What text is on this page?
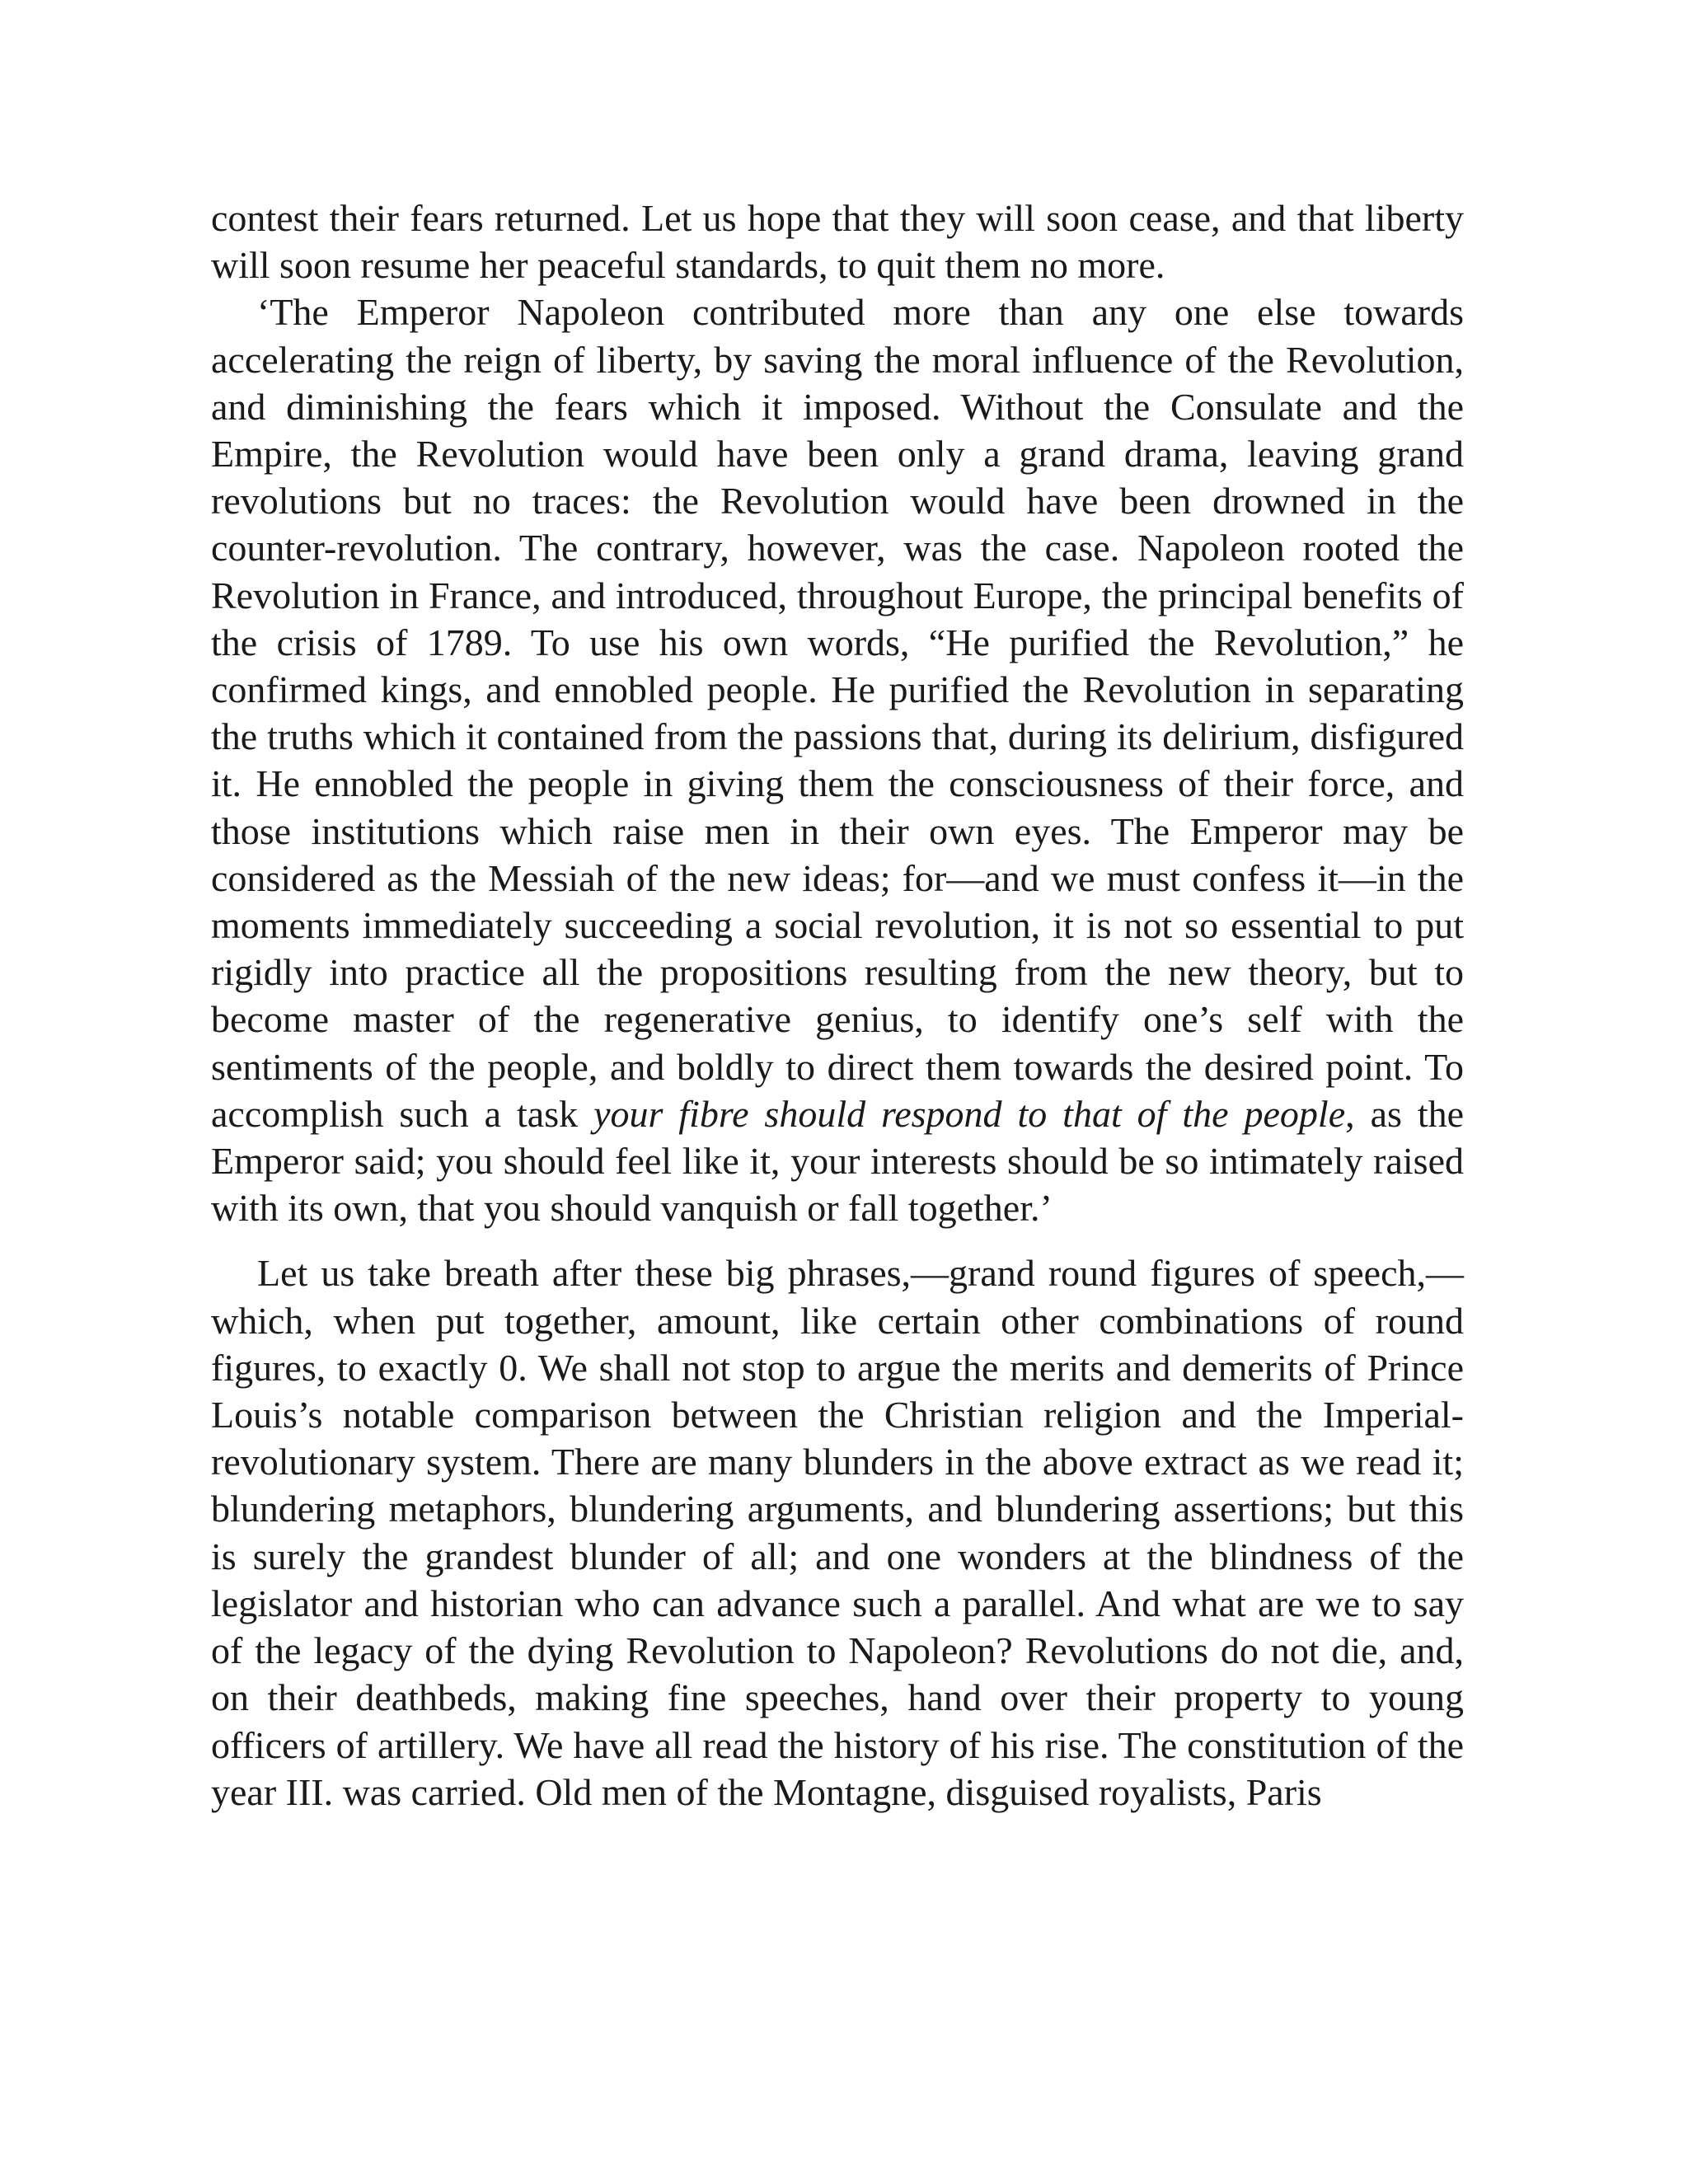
contest their fears returned. Let us hope that they will soon cease, and that liberty will soon resume her peaceful standards, to quit them no more.

‘The Emperor Napoleon contributed more than any one else towards accelerating the reign of liberty, by saving the moral influence of the Revolution, and diminishing the fears which it imposed. Without the Consulate and the Empire, the Revolution would have been only a grand drama, leaving grand revolutions but no traces: the Revolution would have been drowned in the counter-revolution. The contrary, however, was the case. Napoleon rooted the Revolution in France, and introduced, throughout Europe, the principal benefits of the crisis of 1789. To use his own words, “He purified the Revolution,” he confirmed kings, and ennobled people. He purified the Revolution in separating the truths which it contained from the passions that, during its delirium, disfigured it. He ennobled the people in giving them the consciousness of their force, and those institutions which raise men in their own eyes. The Emperor may be considered as the Messiah of the new ideas; for—and we must confess it—in the moments immediately succeeding a social revolution, it is not so essential to put rigidly into practice all the propositions resulting from the new theory, but to become master of the regenerative genius, to identify one’s self with the sentiments of the people, and boldly to direct them towards the desired point. To accomplish such a task your fibre should respond to that of the people, as the Emperor said; you should feel like it, your interests should be so intimately raised with its own, that you should vanquish or fall together.’

Let us take breath after these big phrases,—grand round figures of speech,—which, when put together, amount, like certain other combinations of round figures, to exactly 0. We shall not stop to argue the merits and demerits of Prince Louis’s notable comparison between the Christian religion and the Imperial-revolutionary system. There are many blunders in the above extract as we read it; blundering metaphors, blundering arguments, and blundering assertions; but this is surely the grandest blunder of all; and one wonders at the blindness of the legislator and historian who can advance such a parallel. And what are we to say of the legacy of the dying Revolution to Napoleon? Revolutions do not die, and, on their deathbeds, making fine speeches, hand over their property to young officers of artillery. We have all read the history of his rise. The constitution of the year III. was carried. Old men of the Montagne, disguised royalists, Paris
